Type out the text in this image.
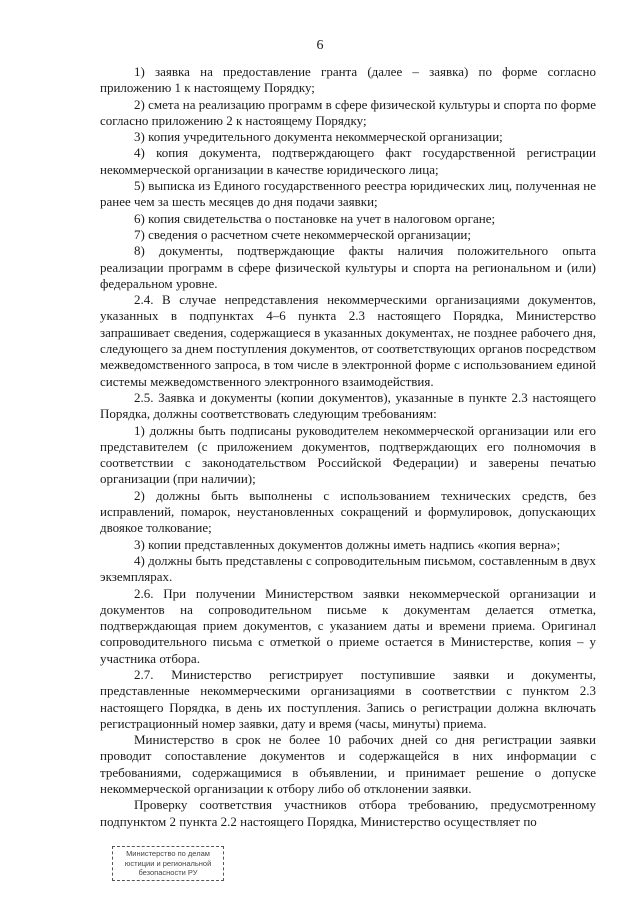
6

1) заявка на предоставление гранта (далее – заявка) по форме согласно приложению 1 к настоящему Порядку;

2) смета на реализацию программ в сфере физической культуры и спорта по форме согласно приложению 2 к настоящему Порядку;

3) копия учредительного документа некоммерческой организации;

4) копия документа, подтверждающего факт государственной регистрации некоммерческой организации в качестве юридического лица;

5) выписка из Единого государственного реестра юридических лиц, полученная не ранее чем за шесть месяцев до дня подачи заявки;

6) копия свидетельства о постановке на учет в налоговом органе;

7) сведения о расчетном счете некоммерческой организации;

8) документы, подтверждающие факты наличия положительного опыта реализации программ в сфере физической культуры и спорта на региональном и (или) федеральном уровне.

2.4. В случае непредставления некоммерческими организациями документов, указанных в подпунктах 4–6 пункта 2.3 настоящего Порядка, Министерство запрашивает сведения, содержащиеся в указанных документах, не позднее рабочего дня, следующего за днем поступления документов, от соответствующих органов посредством межведомственного запроса, в том числе в электронной форме с использованием единой системы межведомственного электронного взаимодействия.

2.5. Заявка и документы (копии документов), указанные в пункте 2.3 настоящего Порядка, должны соответствовать следующим требованиям:

1) должны быть подписаны руководителем некоммерческой организации или его представителем (с приложением документов, подтверждающих его полномочия в соответствии с законодательством Российской Федерации) и заверены печатью организации (при наличии);

2) должны быть выполнены с использованием технических средств, без исправлений, помарок, неустановленных сокращений и формулировок, допускающих двоякое толкование;

3) копии представленных документов должны иметь надпись «копия верна»;

4) должны быть представлены с сопроводительным письмом, составленным в двух экземплярах.

2.6. При получении Министерством заявки некоммерческой организации и документов на сопроводительном письме к документам делается отметка, подтверждающая прием документов, с указанием даты и времени приема. Оригинал сопроводительного письма с отметкой о приеме остается в Министерстве, копия – у участника отбора.

2.7. Министерство регистрирует поступившие заявки и документы, представленные некоммерческими организациями в соответствии с пунктом 2.3 настоящего Порядка, в день их поступления. Запись о регистрации должна включать регистрационный номер заявки, дату и время (часы, минуты) приема.

Министерство в срок не более 10 рабочих дней со дня регистрации заявки проводит сопоставление документов и содержащейся в них информации с требованиями, содержащимися в объявлении, и принимает решение о допуске некоммерческой организации к отбору либо об отклонении заявки.

Проверку соответствия участников отбора требованию, предусмотренному подпунктом 2 пункта 2.2 настоящего Порядка, Министерство осуществляет по

Министерство по делам
юстиции и региональной
безопасности РУ
